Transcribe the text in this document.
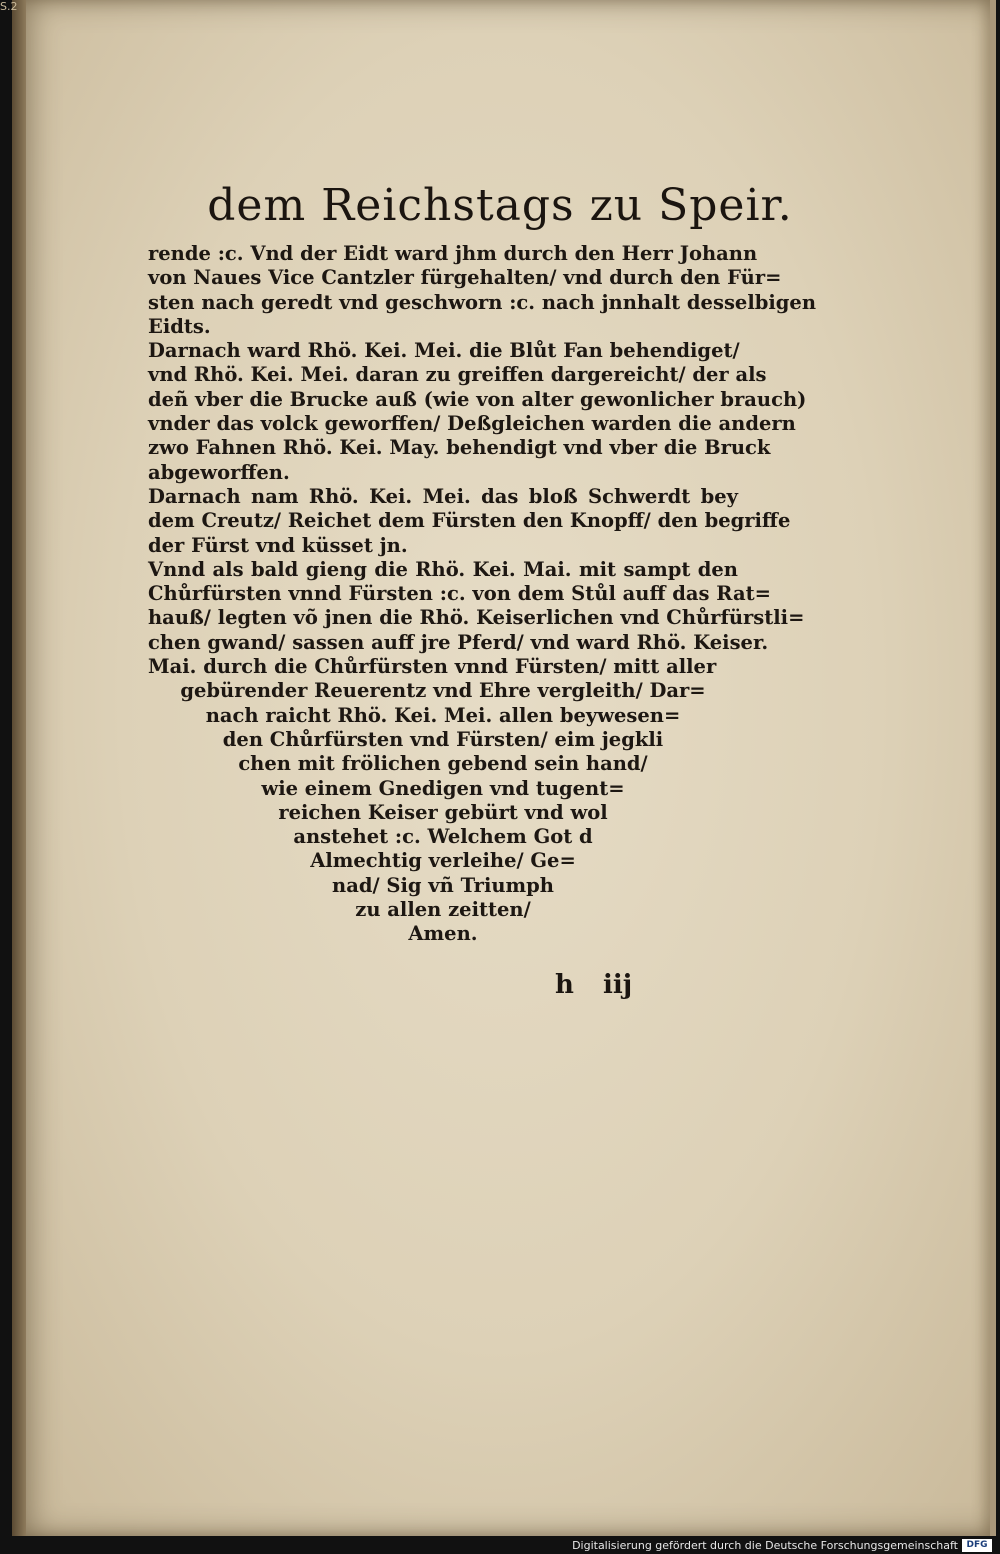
S.2
dem Reichstags zu Speir.
rende :c. Vnd der Eidt ward jhm durch den Herr Johann
von Naues Vice Cantzler fürgehalten/ vnd durch den Für=
sten nach geredt vnd geschworn :c. nach jnnhalt desselbigen
Eidts.
Darnach ward Rhö. Kei. Mei. die Blůt Fan behendiget/
vnd Rhö. Kei. Mei. daran zu greiffen dargereicht/ der als
deñ vber die Brucke auß (wie von alter gewonlicher brauch)
vnder das volck geworffen/ Deßgleichen warden die andern
zwo Fahnen Rhö. Kei. May. behendigt vnd vber die Bruck
abgeworffen.
Darnach nam Rhö. Kei. Mei. das bloß Schwerdt bey
dem Creutz/ Reichet dem Fürsten den Knopff/ den begriffe
der Fürst vnd küsset jn.
Vnnd als bald gieng die Rhö. Kei. Mai. mit sampt den
Chůrfürsten vnnd Fürsten :c. von dem Stůl auff das Rat=
hauß/ legten võ jnen die Rhö. Keiserlichen vnd Chůrfürstli=
chen gwand/ sassen auff jre Pferd/ vnd ward Rhö. Keiser.
Mai. durch die Chůrfürsten vnnd Fürsten/ mitt aller
gebürender Reuerentz vnd Ehre vergleith/ Dar=
nach raicht Rhö. Kei. Mei. allen beywesen=
den Chůrfürsten vnd Fürsten/ eim jegkli
chen mit frölichen gebend sein hand/
wie einem Gnedigen vnd tugent=
reichen Keiser gebürt vnd wol
anstehet :c. Welchem Got d
Almechtig verleihe/ Ge=
nad/ Sig vñ Triumph
zu allen zeitten/
Amen.
h iij
Digitalisierung gefördert durch die Deutsche Forschungsgemeinschaft DFG
